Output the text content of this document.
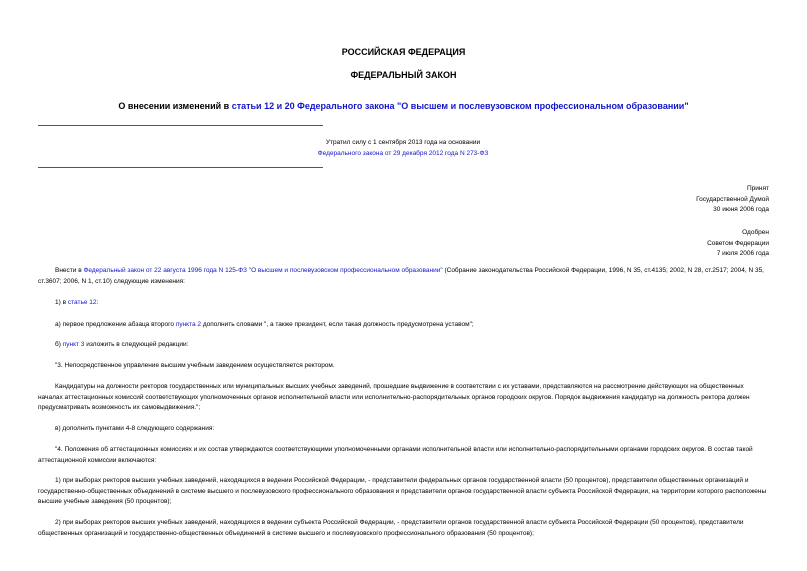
РОССИЙСКАЯ ФЕДЕРАЦИЯ
ФЕДЕРАЛЬНЫЙ ЗАКОН
О внесении изменений в статьи 12 и 20 Федерального закона "О высшем и послевузовском профессиональном образовании"
Утратил силу с 1 сентября 2013 года на основании
Федерального закона от 29 декабря 2012 года N 273-ФЗ
Принят
Государственной Думой
30 июня 2006 года
Одобрен
Советом Федерации
7 июля 2006 года

Внести в Федеральный закон от 22 августа 1996 года N 125-ФЗ "О высшем и послевузовском профессиональном образовании" (Собрание законодательства Российской Федерации, 1996, N 35, ст.4135; 2002, N 28, ст.2517; 2004, N 35, ст.3607; 2006, N 1, ст.10) следующие изменения:

1) в статье 12:

а) первое предложение абзаца второго пункта 2 дополнить словами ", а также президент, если такая должность предусмотрена уставом";

б) пункт 3 изложить в следующей редакции:

"3. Непосредственное управление высшим учебным заведением осуществляется ректором.

Кандидатуры на должности ректоров государственных или муниципальных высших учебных заведений, прошедшие выдвижение в соответствии с их уставами, представляются на рассмотрение действующих на общественных началах аттестационных комиссий соответствующих уполномоченных органов исполнительной власти или исполнительно-распорядительных органов городских округов. Порядок выдвижения кандидатур на должность ректора должен предусматривать возможность их самовыдвижения.";

в) дополнить пунктами 4-8 следующего содержания:

"4. Положения об аттестационных комиссиях и их состав утверждаются соответствующими уполномоченными органами исполнительной власти или исполнительно-распорядительными органами городских округов. В состав такой аттестационной комиссии включаются:

1) при выборах ректоров высших учебных заведений, находящихся в ведении Российской Федерации, - представители федеральных органов государственной власти (50 процентов), представители общественных организаций и государственно-общественных объединений в системе высшего и послевузовского профессионального образования и представители органов государственной власти субъекта Российской Федерации, на территории которого расположены высшие учебные заведения (50 процентов);

2) при выборах ректоров высших учебных заведений, находящихся в ведении субъекта Российской Федерации, - представители органов государственной власти субъекта Российской Федерации (50 процентов), представители общественных организаций и государственно-общественных объединений в системе высшего и послевузовского профессионального образования (50 процентов);
